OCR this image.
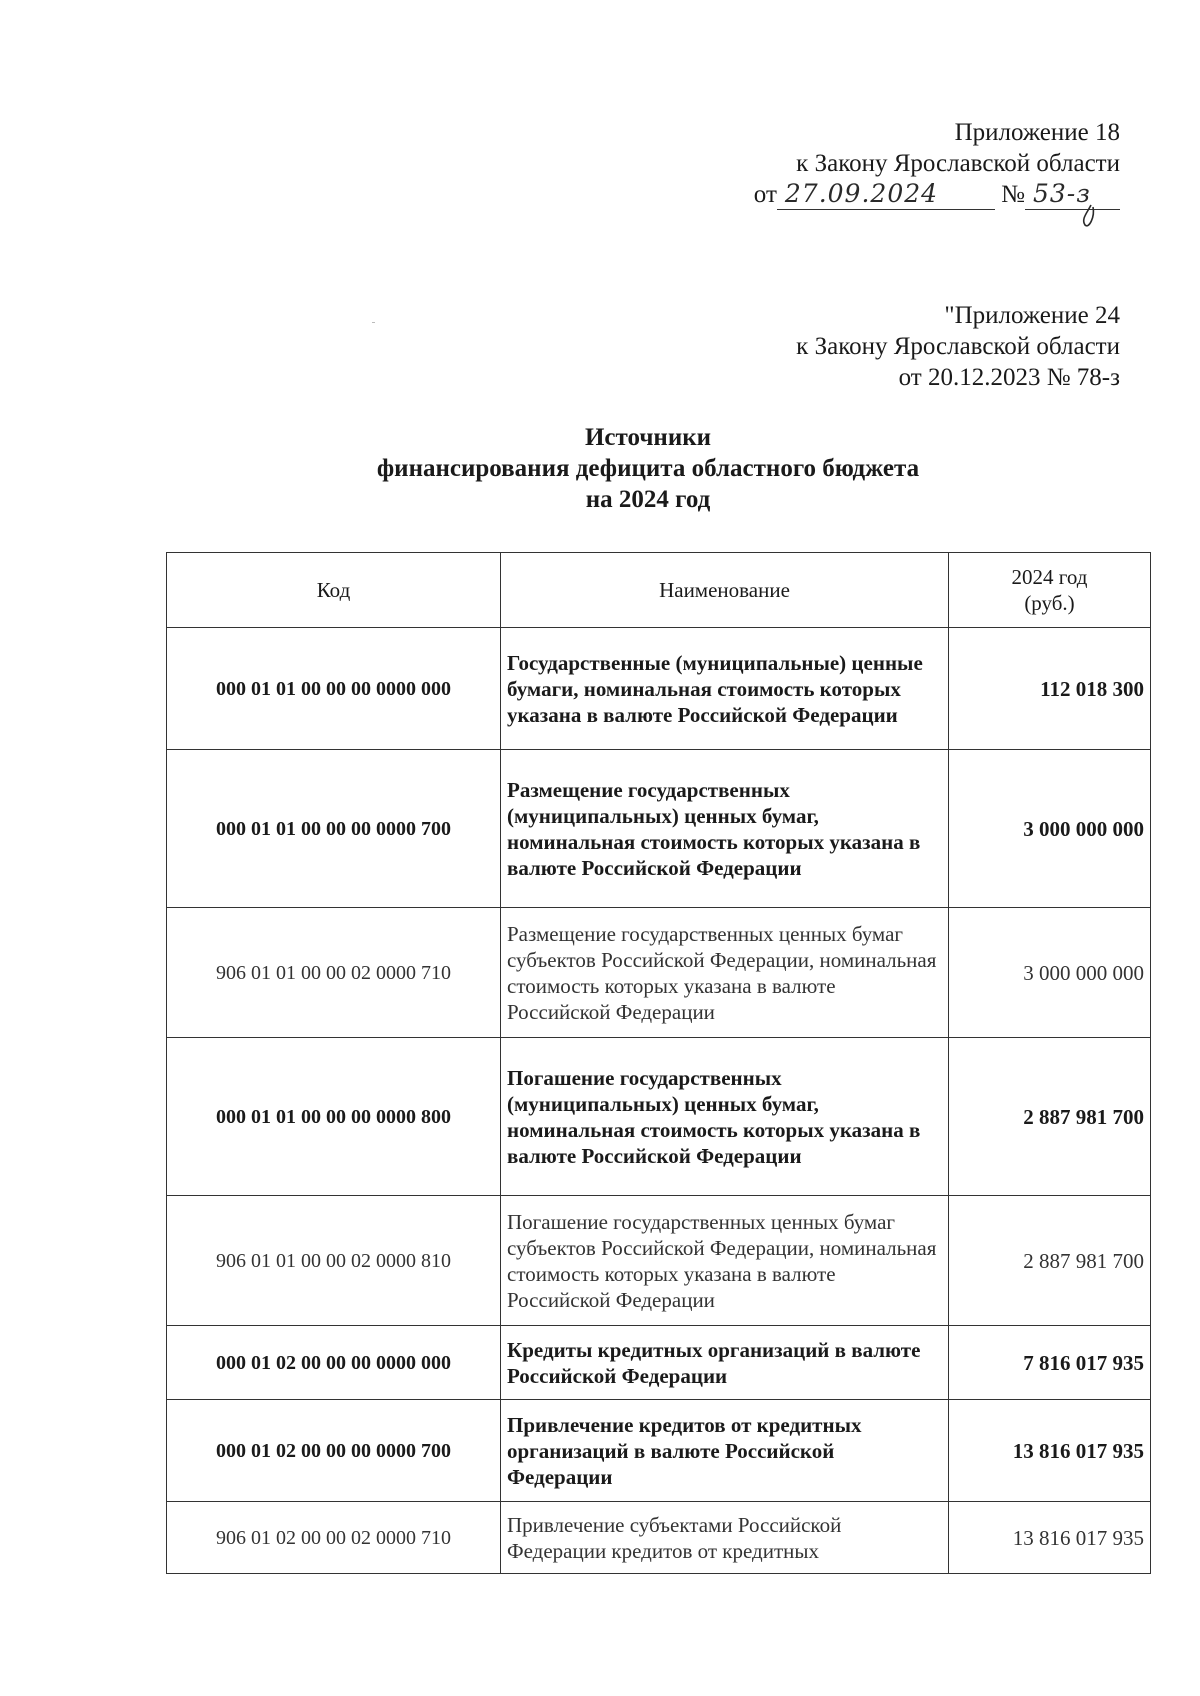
Приложение 18
к Закону Ярославской области
от 27.09.2024	№ 53-з
"Приложение 24
к Закону Ярославской области
от 20.12.2023 № 78-з
Источники
финансирования дефицита областного бюджета
на 2024 год
Код	Наименование	2024 год
(руб.)

000 01 01 00 00 00 0000 000	Государственные (муниципальные) ценные бумаги, номинальная стоимость которых указана в валюте Российской Федерации	112 018 300
000 01 01 00 00 00 0000 700	Размещение государственных (муниципальных) ценных бумаг, номинальная стоимость которых указана в валюте Российской Федерации	3 000 000 000
906 01 01 00 00 02 0000 710	Размещение государственных ценных бумаг субъектов Российской Федерации, номинальная стоимость которых указана в валюте Российской Федерации	3 000 000 000
000 01 01 00 00 00 0000 800	Погашение государственных (муниципальных) ценных бумаг, номинальная стоимость которых указана в валюте Российской Федерации	2 887 981 700
906 01 01 00 00 02 0000 810	Погашение государственных ценных бумаг субъектов Российской Федерации, номинальная стоимость которых указана в валюте Российской Федерации	2 887 981 700
000 01 02 00 00 00 0000 000	Кредиты кредитных организаций в валюте Российской Федерации	7 816 017 935
000 01 02 00 00 00 0000 700	Привлечение кредитов от кредитных организаций в валюте Российской Федерации	13 816 017 935
906 01 02 00 00 02 0000 710	Привлечение субъектами Российской Федерации кредитов от кредитных	13 816 017 935
